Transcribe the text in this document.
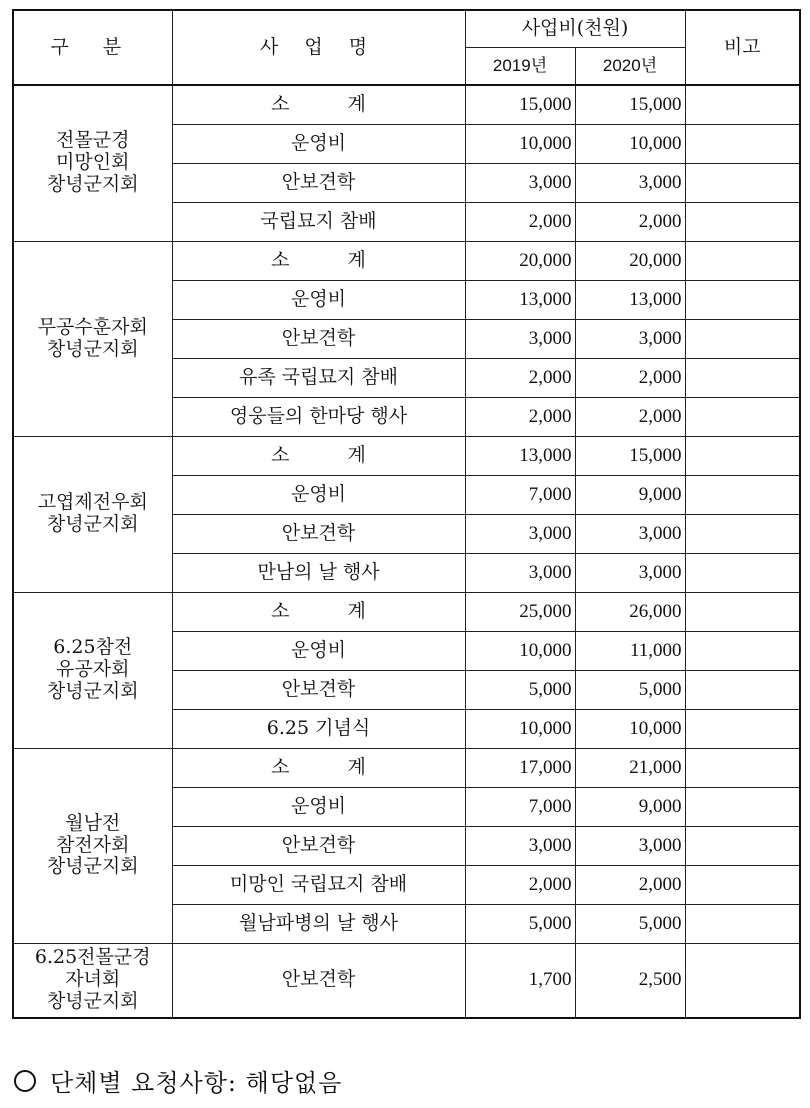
구 분	사 업 명	사업비(천원)		비고
		2019년	2020년	

전몰군경
미망인회
창녕군지회	소 계	15,000	15,000	
	운영비	10,000	10,000	
	안보견학	3,000	3,000	
	국립묘지 참배	2,000	2,000	

무공수훈자회
창녕군지회	소 계	20,000	20,000	
	운영비	13,000	13,000	
	안보견학	3,000	3,000	
	유족 국립묘지 참배	2,000	2,000	
	영웅들의 한마당 행사	2,000	2,000	

고엽제전우회
창녕군지회	소 계	13,000	15,000	
	운영비	7,000	9,000	
	안보견학	3,000	3,000	
	만남의 날 행사	3,000	3,000	

6.25참전
유공자회
창녕군지회	소 계	25,000	26,000	
	운영비	10,000	11,000	
	안보견학	5,000	5,000	
	6.25 기념식	10,000	10,000	

월남전
참전자회
창녕군지회	소 계	17,000	21,000	
	운영비	7,000	9,000	
	안보견학	3,000	3,000	
	미망인 국립묘지 참배	2,000	2,000	
	월남파병의 날 행사	5,000	5,000	

6.25전몰군경
자녀회
창녕군지회	안보견학	1,700	2,500	
단체별 요청사항: 해당없음
